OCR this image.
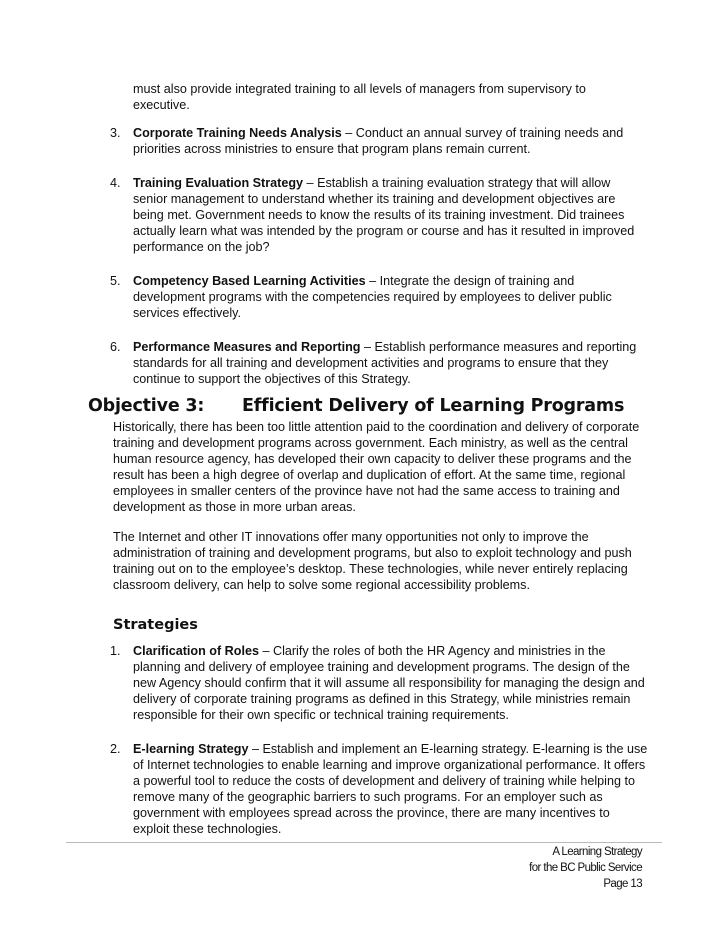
must also provide integrated training to all levels of managers from supervisory to executive.
3. Corporate Training Needs Analysis – Conduct an annual survey of training needs and priorities across ministries to ensure that program plans remain current.
4. Training Evaluation Strategy – Establish a training evaluation strategy that will allow senior management to understand whether its training and development objectives are being met. Government needs to know the results of its training investment. Did trainees actually learn what was intended by the program or course and has it resulted in improved performance on the job?
5. Competency Based Learning Activities – Integrate the design of training and development programs with the competencies required by employees to deliver public services effectively.
6. Performance Measures and Reporting – Establish performance measures and reporting standards for all training and development activities and programs to ensure that they continue to support the objectives of this Strategy.
Objective 3: Efficient Delivery of Learning Programs

Historically, there has been too little attention paid to the coordination and delivery of corporate training and development programs across government. Each ministry, as well as the central human resource agency, has developed their own capacity to deliver these programs and the result has been a high degree of overlap and duplication of effort. At the same time, regional employees in smaller centers of the province have not had the same access to training and development as those in more urban areas.

The Internet and other IT innovations offer many opportunities not only to improve the administration of training and development programs, but also to exploit technology and push training out on to the employee’s desktop. These technologies, while never entirely replacing classroom delivery, can help to solve some regional accessibility problems.

Strategies
1. Clarification of Roles – Clarify the roles of both the HR Agency and ministries in the planning and delivery of employee training and development programs. The design of the new Agency should confirm that it will assume all responsibility for managing the design and delivery of corporate training programs as defined in this Strategy, while ministries remain responsible for their own specific or technical training requirements.
2. E-learning Strategy – Establish and implement an E-learning strategy. E-learning is the use of Internet technologies to enable learning and improve organizational performance. It offers a powerful tool to reduce the costs of development and delivery of training while helping to remove many of the geographic barriers to such programs. For an employer such as government with employees spread across the province, there are many incentives to exploit these technologies.
A Learning Strategy
for the BC Public Service
Page 13
